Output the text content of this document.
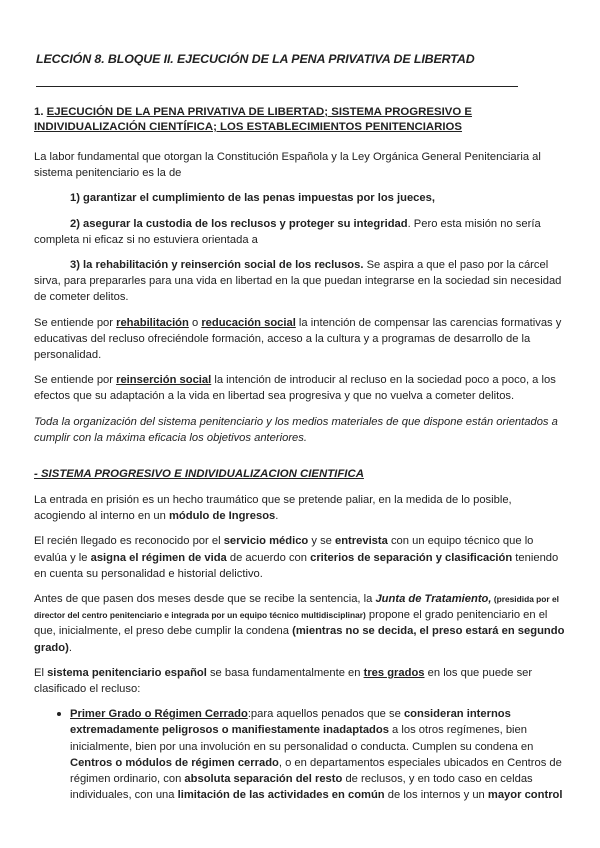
LECCIÓN 8. BLOQUE II. EJECUCIÓN DE LA PENA PRIVATIVA DE LIBERTAD
1. EJECUCIÓN DE LA PENA PRIVATIVA DE LIBERTAD; SISTEMA PROGRESIVO E INDIVIDUALIZACIÓN CIENTÍFICA; LOS ESTABLECIMIENTOS PENITENCIARIOS

La labor fundamental que otorgan la Constitución Española y la Ley Orgánica General Penitenciaria al sistema penitenciario es la de

1) garantizar el cumplimiento de las penas impuestas por los jueces,

2) asegurar la custodia de los reclusos y proteger su integridad. Pero esta misión no sería completa ni eficaz si no estuviera orientada a

3) la rehabilitación y reinserción social de los reclusos. Se aspira a que el paso por la cárcel sirva, para prepararles para una vida en libertad en la que puedan integrarse en la sociedad sin necesidad de cometer delitos.

Se entiende por rehabilitación o reducación social la intención de compensar las carencias formativas y educativas del recluso ofreciéndole formación, acceso a la cultura y a programas de desarrollo de la personalidad.

Se entiende por reinserción social la intención de introducir al recluso en la sociedad poco a poco, a los efectos que su adaptación a la vida en libertad sea progresiva y que no vuelva a cometer delitos.

Toda la organización del sistema penitenciario y los medios materiales de que dispone están orientados a cumplir con la máxima eficacia los objetivos anteriores.

- SISTEMA PROGRESIVO E INDIVIDUALIZACION CIENTIFICA

La entrada en prisión es un hecho traumático que se pretende paliar, en la medida de lo posible, acogiendo al interno en un módulo de Ingresos.

El recién llegado es reconocido por el servicio médico y se entrevista con un equipo técnico que lo evalúa y le asigna el régimen de vida de acuerdo con criterios de separación y clasificación teniendo en cuenta su personalidad e historial delictivo.

Antes de que pasen dos meses desde que se recibe la sentencia, la Junta de Tratamiento, (presidida por el director del centro penitenciario e integrada por un equipo técnico multidisciplinar) propone el grado penitenciario en el que, inicialmente, el preso debe cumplir la condena (mientras no se decida, el preso estará en segundo grado).

El sistema penitenciario español se basa fundamentalmente en tres grados en los que puede ser clasificado el recluso:

Primer Grado o Régimen Cerrado:para aquellos penados que se consideran internos extremadamente peligrosos o manifiestamente inadaptados a los otros regímenes, bien inicialmente, bien por una involución en su personalidad o conducta. Cumplen su condena en Centros o módulos de régimen cerrado, o en departamentos especiales ubicados en Centros de régimen ordinario, con absoluta separación del resto de reclusos, y en todo caso en celdas individuales, con una limitación de las actividades en común de los internos y un mayor control
